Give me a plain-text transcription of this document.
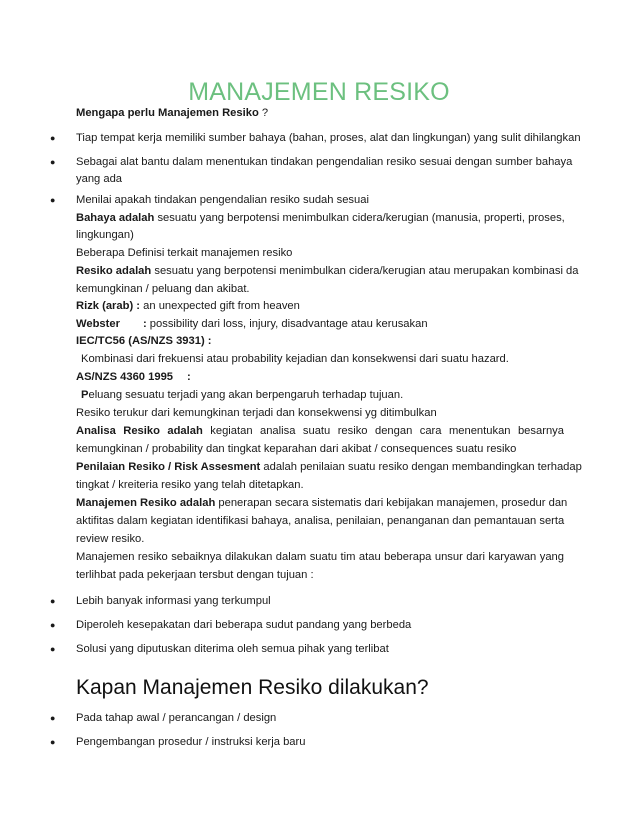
MANAJEMEN RESIKO
Mengapa perlu Manajemen Resiko ?
● Tiap tempat kerja memiliki sumber bahaya (bahan, proses, alat dan lingkungan) yang sulit dihilangkan
● Sebagai alat bantu dalam menentukan tindakan pengendalian resiko sesuai dengan sumber bahaya
yang ada
● Menilai apakah tindakan pengendalian resiko sudah sesuai
Bahaya adalah sesuatu yang berpotensi menimbulkan cidera/kerugian (manusia, properti, proses,
lingkungan)
Beberapa Definisi terkait manajemen resiko
Resiko adalah sesuatu yang berpotensi menimbulkan cidera/kerugian atau merupakan kombinasi da
kemungkinan / peluang dan akibat.
Rizk (arab) : an unexpected gift from heaven
Webster : possibility dari loss, injury, disadvantage atau kerusakan
IEC/TC56 (AS/NZS 3931) :
Kombinasi dari frekuensi atau probability kejadian dan konsekwensi dari suatu hazard.
AS/NZS 4360 1995 :
Peluang sesuatu terjadi yang akan berpengaruh terhadap tujuan.
Resiko terukur dari kemungkinan terjadi dan konsekwensi yg ditimbulkan
Analisa Resiko adalah kegiatan analisa suatu resiko dengan cara menentukan besarnya
kemungkinan / probability dan tingkat keparahan dari akibat / consequences suatu resiko
Penilaian Resiko / Risk Assesment adalah penilaian suatu resiko dengan membandingkan terhadap
tingkat / kreiteria resiko yang telah ditetapkan.
Manajemen Resiko adalah penerapan secara sistematis dari kebijakan manajemen, prosedur dan
aktifitas dalam kegiatan identifikasi bahaya, analisa, penilaian, penanganan dan pemantauan serta
review resiko.
Manajemen resiko sebaiknya dilakukan dalam suatu tim atau beberapa unsur dari karyawan yang
terlihbat pada pekerjaan tersbut dengan tujuan :
● Lebih banyak informasi yang terkumpul
● Diperoleh kesepakatan dari beberapa sudut pandang yang berbeda
● Solusi yang diputuskan diterima oleh semua pihak yang terlibat
Kapan Manajemen Resiko dilakukan?
● Pada tahap awal / perancangan / design
● Pengembangan prosedur / instruksi kerja baru
